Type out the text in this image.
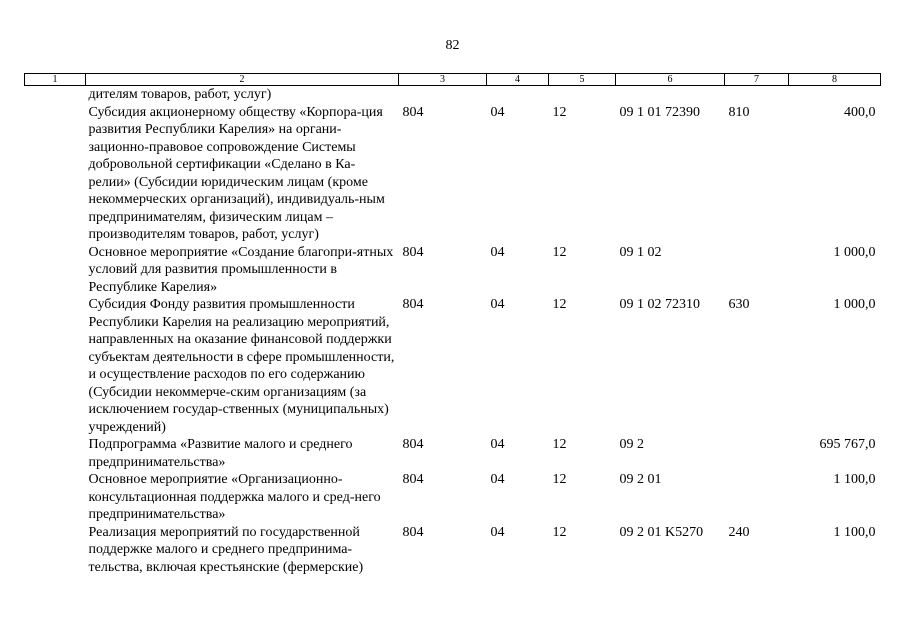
82
1	2	3	4	5	6	7	8
	дителям товаров, работ, услуг)						
	Субсидия акционерному обществу «Корпора-ция развития Республики Карелия» на органи-зационно-правовое сопровождение Системы добровольной сертификации «Сделано в Ка-релии» (Субсидии юридическим лицам (кроме некоммерческих организаций), индивидуаль-ным предпринимателям, физическим лицам – производителям товаров, работ, услуг)	804	04	12	09 1 01 72390	810	400,0
	Основное мероприятие «Создание благопри-ятных условий для развития промышленности в Республике Карелия»	804	04	12	09 1 02		1 000,0
	Субсидия Фонду развития промышленности Республики Карелия на реализацию мероприятий, направленных на оказание финансовой поддержки субъектам деятельности в сфере промышленности, и осуществление расходов по его содержанию (Субсидии некоммерче-ским организациям (за исключением государ-ственных (муниципальных) учреждений)	804	04	12	09 1 02 72310	630	1 000,0
	Подпрограмма «Развитие малого и среднего предпринимательства»	804	04	12	09 2		695 767,0
	Основное мероприятие «Организационно-консультационная поддержка малого и сред-него предпринимательства»	804	04	12	09 2 01		1 100,0
	Реализация мероприятий по государственной поддержке малого и среднего предпринима-тельства, включая крестьянские (фермерские)	804	04	12	09 2 01 K5270	240	1 100,0
